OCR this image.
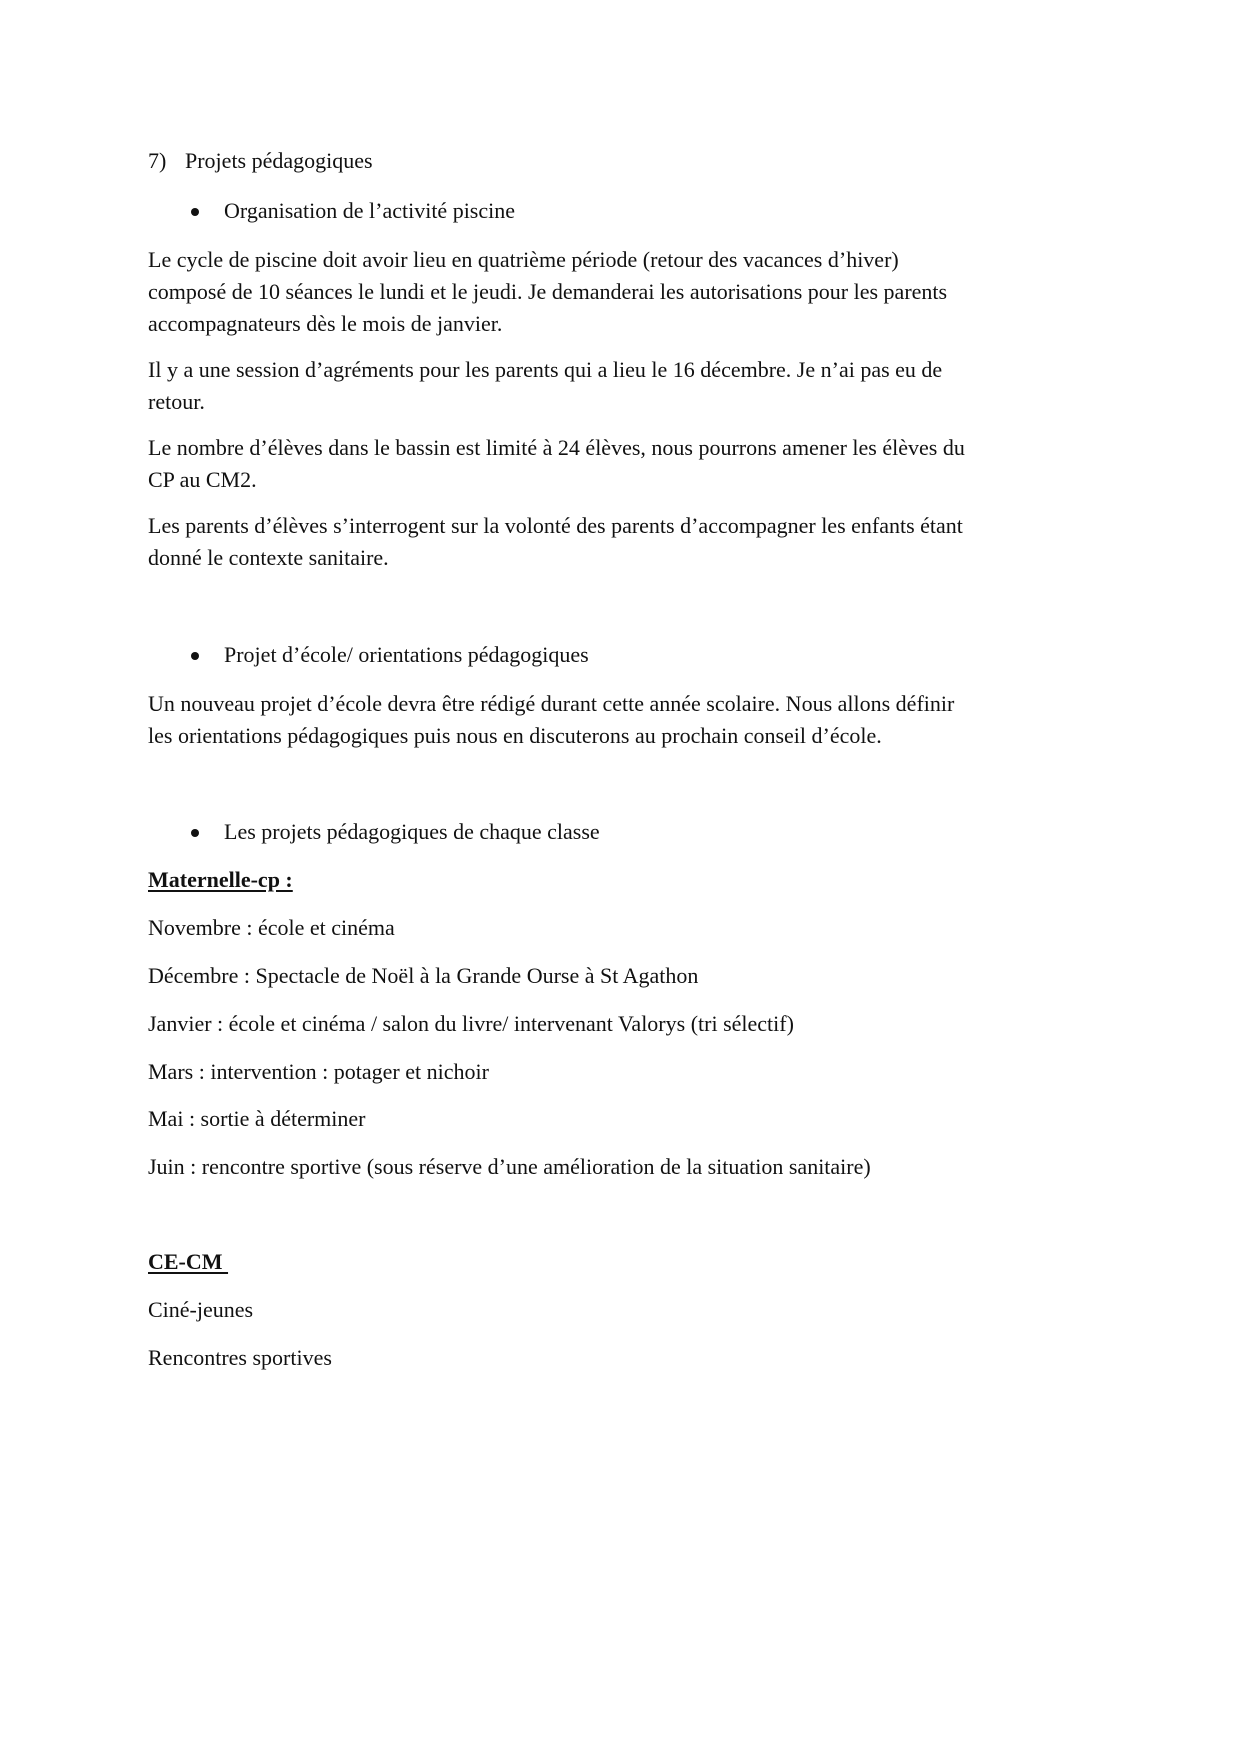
7) Projets pédagogiques
Organisation de l’activité piscine
Le cycle de piscine doit avoir lieu en quatrième période (retour des vacances d’hiver)
composé de 10 séances le lundi et le jeudi. Je demanderai les autorisations pour les parents
accompagnateurs dès le mois de janvier.
Il y a une session d’agréments pour les parents qui a lieu le 16 décembre. Je n’ai pas eu de
retour.
Le nombre d’élèves dans le bassin est limité à 24 élèves, nous pourrons amener les élèves du
CP au CM2.
Les parents d’élèves s’interrogent sur la volonté des parents d’accompagner les enfants étant
donné le contexte sanitaire.
Projet d’école/ orientations pédagogiques
Un nouveau projet d’école devra être rédigé durant cette année scolaire. Nous allons définir
les orientations pédagogiques puis nous en discuterons au prochain conseil d’école.
Les projets pédagogiques de chaque classe
Maternelle-cp :
Novembre : école et cinéma
Décembre : Spectacle de Noël à la Grande Ourse à St Agathon
Janvier : école et cinéma / salon du livre/ intervenant Valorys (tri sélectif)
Mars : intervention : potager et nichoir
Mai : sortie à déterminer
Juin : rencontre sportive (sous réserve d’une amélioration de la situation sanitaire)
CE-CM
Ciné-jeunes
Rencontres sportives
